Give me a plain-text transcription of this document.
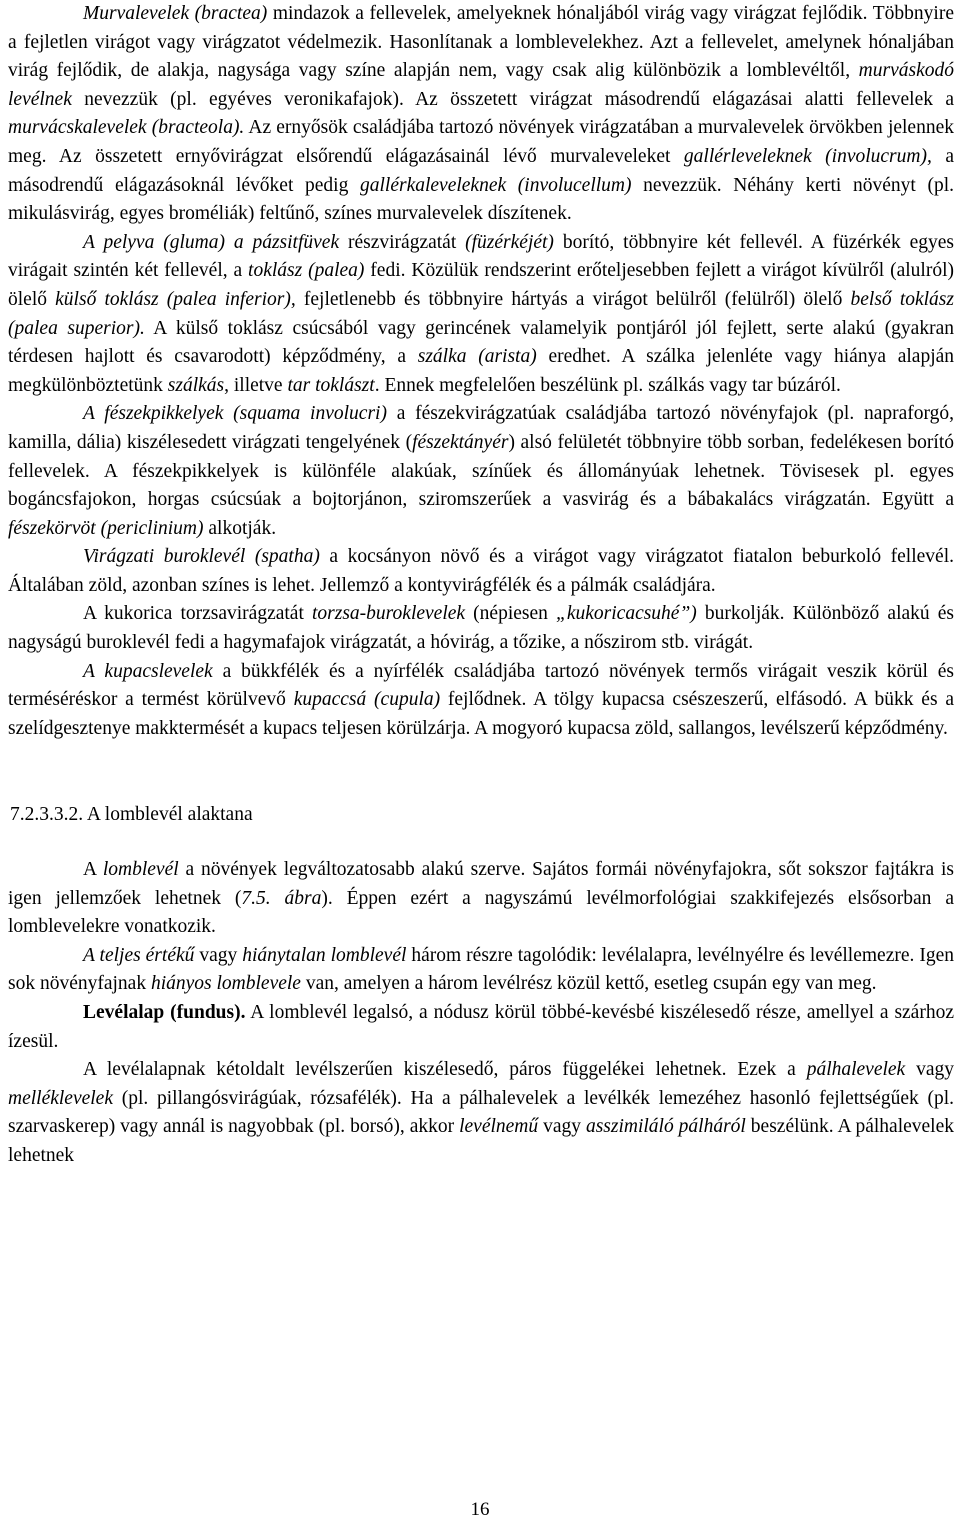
Murvalevelek (bractea) mindazok a fellevelek, amelyeknek hónaljából virág vagy virágzat fejlődik. Többnyire a fejletlen virágot vagy virágzatot védelmezik. Hasonlítanak a lomblevelekhez. Azt a fellevelet, amelynek hónaljában virág fejlődik, de alakja, nagysága vagy színe alapján nem, vagy csak alig különbözik a lomblevéltől, murváskodó levélnek nevezzük (pl. egyéves veronikafajok). Az összetett virágzat másodrendű elágazásai alatti fellevelek a murvácskalevelek (bracteola). Az ernyősök családjába tartozó növények virágzatában a murvalevelek örvökben jelennek meg. Az összetett ernyővirágzat elsőrendű elágazásainál lévő murvaleveleket gallérleveleknek (involucrum), a másodrendű elágazásoknál lévőket pedig gallérkaleveleknek (involucellum) nevezzük. Néhány kerti növényt (pl. mikulásvirág, egyes broméliák) feltűnő, színes murvalevelek díszítenek.

A pelyva (gluma) a pázsitfüvek részvirágzatát (füzérkéjét) borító, többnyire két fellevél. A füzérkék egyes virágait szintén két fellevél, a toklász (palea) fedi. Közülük rendszerint erőteljesebben fejlett a virágot kívülről (alulról) ölelő külső toklász (palea inferior), fejletlenebb és többnyire hártyás a virágot belülről (felülről) ölelő belső toklász (palea superior). A külső toklász csúcsából vagy gerincének valamelyik pontjáról jól fejlett, serte alakú (gyakran térdesen hajlott és csavarodott) képződmény, a szálka (arista) eredhet. A szálka jelenléte vagy hiánya alapján megkülönböztetünk szálkás, illetve tar toklászt. Ennek megfelelően beszélünk pl. szálkás vagy tar búzáról.

A fészekpikkelyek (squama involucri) a fészekvirágzatúak családjába tartozó növényfajok (pl. napraforgó, kamilla, dália) kiszélesedett virágzati tengelyének (fészektányér) alsó felületét többnyire több sorban, fedelékesen borító fellevelek. A fészekpikkelyek is különféle alakúak, színűek és állományúak lehetnek. Tövisesek pl. egyes bogáncsfajokon, horgas csúcsúak a bojtorjánon, sziromszerűek a vasvirág és a bábakalács virágzatán. Együtt a fészekörvöt (periclinium) alkotják.

Virágzati buroklevél (spatha) a kocsányon növő és a virágot vagy virágzatot fiatalon beburkoló fellevél. Általában zöld, azonban színes is lehet. Jellemző a kontyvirágfélék és a pálmák családjára.

A kukorica torzsavirágzatát torzsa-buroklevelek (népiesen „kukoricacsuhé”) burkolják. Különböző alakú és nagyságú buroklevél fedi a hagymafajok virágzatát, a hóvirág, a tőzike, a nőszirom stb. virágát.

A kupacslevelek a bükkfélék és a nyírfélék családjába tartozó növények termős virágait veszik körül és terméséréskor a termést körülvevő kupaccsá (cupula) fejlődnek. A tölgy kupacsa csészeszerű, elfásodó. A bükk és a szelídgesztenye makktermését a kupacs teljesen körülzárja. A mogyoró kupacsa zöld, sallangos, levélszerű képződmény.

7.2.3.3.2. A lomblevél alaktana

A lomblevél a növények legváltozatosabb alakú szerve. Sajátos formái növényfajokra, sőt sokszor fajtákra is igen jellemzőek lehetnek (7.5. ábra). Éppen ezért a nagyszámú levélmorfológiai szakkifejezés elsősorban a lomblevelekre vonatkozik.

A teljes értékű vagy hiánytalan lomblevél három részre tagolódik: levélalapra, levélnyélre és levéllemezre. Igen sok növényfajnak hiányos lomblevele van, amelyen a három levélrész közül kettő, esetleg csupán egy van meg.

Levélalap (fundus). A lomblevél legalsó, a nódusz körül többé-kevésbé kiszélesedő része, amellyel a szárhoz ízesül.

A levélalapnak kétoldalt levélszerűen kiszélesedő, páros függelékei lehetnek. Ezek a pálhalevelek vagy melléklevelek (pl. pillangósvirágúak, rózsafélék). Ha a pálhalevelek a levélkék lemezéhez hasonló fejlettségűek (pl. szarvaskerep) vagy annál is nagyobbak (pl. borsó), akkor levélnemű vagy asszimiláló pálháról beszélünk. A pálhalevelek lehetnek

16
